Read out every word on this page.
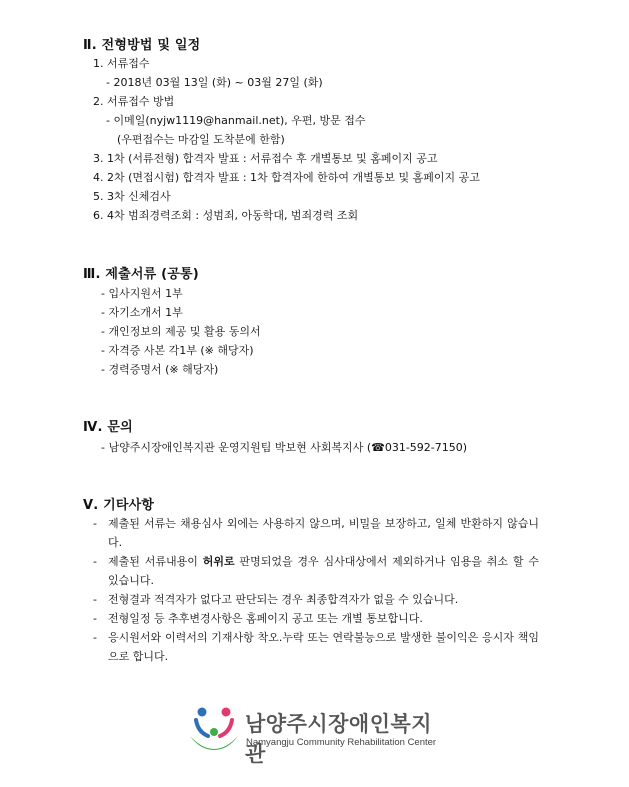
Ⅱ. 전형방법 및 일정
1. 서류접수
- 2018년 03월 13일 (화) ~ 03월 27일 (화)
2. 서류접수 방법
- 이메일(nyjw1119@hanmail.net), 우편, 방문 접수
(우편접수는 마감일 도착분에 한함)
3. 1차 (서류전형) 합격자 발표 : 서류접수 후 개별통보 및 홈페이지 공고
4. 2차 (면접시험) 합격자 발표 : 1차 합격자에 한하여 개별통보 및 홈페이지 공고
5. 3차 신체검사
6. 4차 범죄경력조회 : 성범죄, 아동학대, 범죄경력 조회
Ⅲ. 제출서류 (공통)
- 입사지원서 1부
- 자기소개서 1부
- 개인정보의 제공 및 활용 동의서
- 자격증 사본 각1부 (※ 해당자)
- 경력증명서 (※ 해당자)
Ⅳ. 문의
- 남양주시장애인복지관 운영지원팀 박보현 사회복지사 (☎031-592-7150)
Ⅴ. 기타사항
-	제출된 서류는 채용심사 외에는 사용하지 않으며, 비밀을 보장하고, 일체 반환하지 않습니다.
-	제출된 서류내용이 허위로 판명되었을 경우 심사대상에서 제외하거나 임용을 취소 할 수 있습니다.
-	전형결과 적격자가 없다고 판단되는 경우 최종합격자가 없을 수 있습니다.
-	전형일정 등 추후변경사항은 홈페이지 공고 또는 개별 통보합니다.
-	응시원서와 이력서의 기재사항 착오.누락 또는 연락불능으로 발생한 불이익은 응시자 책임으로 합니다.
남양주시장애인복지관
Namyangju Community Rehabilitation Center
